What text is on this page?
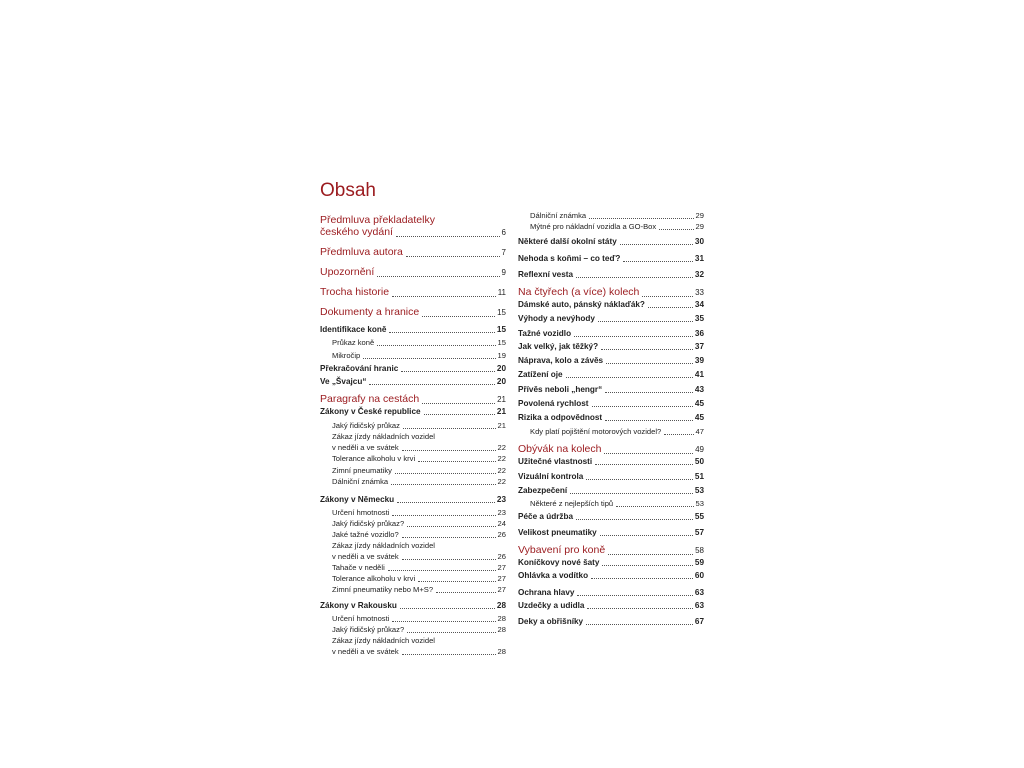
Obsah
Předmluva překladatelky
českého vydání	6
Předmluva autora	7
Upozornění	9
Trocha historie	11
Dokumenty a hranice	15
Identifikace koně	15
Průkaz koně	15
Mikročip	19
Překračování hranic	20
Ve „Švajcu“	20
Paragrafy na cestách	21
Zákony v České republice	21
Jaký řidičský průkaz	21
Zákaz jízdy nákladních vozidel
v neděli a ve svátek	22
Tolerance alkoholu v krvi	22
Zimní pneumatiky	22
Dálniční známka	22
Zákony v Německu	23
Určení hmotnosti	23
Jaký řidičský průkaz?	24
Jaké tažné vozidlo?	26
Zákaz jízdy nákladních vozidel
v neděli a ve svátek	26
Tahače v neděli	27
Tolerance alkoholu v krvi	27
Zimní pneumatiky nebo M+S?	27
Zákony v Rakousku	28
Určení hmotnosti	28
Jaký řidičský průkaz?	28
Zákaz jízdy nákladních vozidel
v neděli a ve svátek	28
Dálniční známka	29
Mýtné pro nákladní vozidla a GO-Box	29
Některé další okolní státy	30
Nehoda s koňmi – co teď?	31
Reflexní vesta	32
Na čtyřech (a více) kolech	33
Dámské auto, pánský náklaďák?	34
Výhody a nevýhody	35
Tažné vozidlo	36
Jak velký, jak těžký?	37
Náprava, kolo a závěs	39
Zatížení oje	41
Přívěs neboli „hengr“	43
Povolená rychlost	45
Rizika a odpovědnost	45
Kdy platí pojištění motorových vozidel?	47
Obývák na kolech	49
Užitečné vlastnosti	50
Vizuální kontrola	51
Zabezpečení	53
Některé z nejlepších tipů	53
Péče a údržba	55
Velikost pneumatiky	57
Vybavení pro koně	58
Koníčkovy nové šaty	59
Ohlávka a vodítko	60
Ochrana hlavy	63
Uzdečky a udidla	63
Deky a obřišníky	67
